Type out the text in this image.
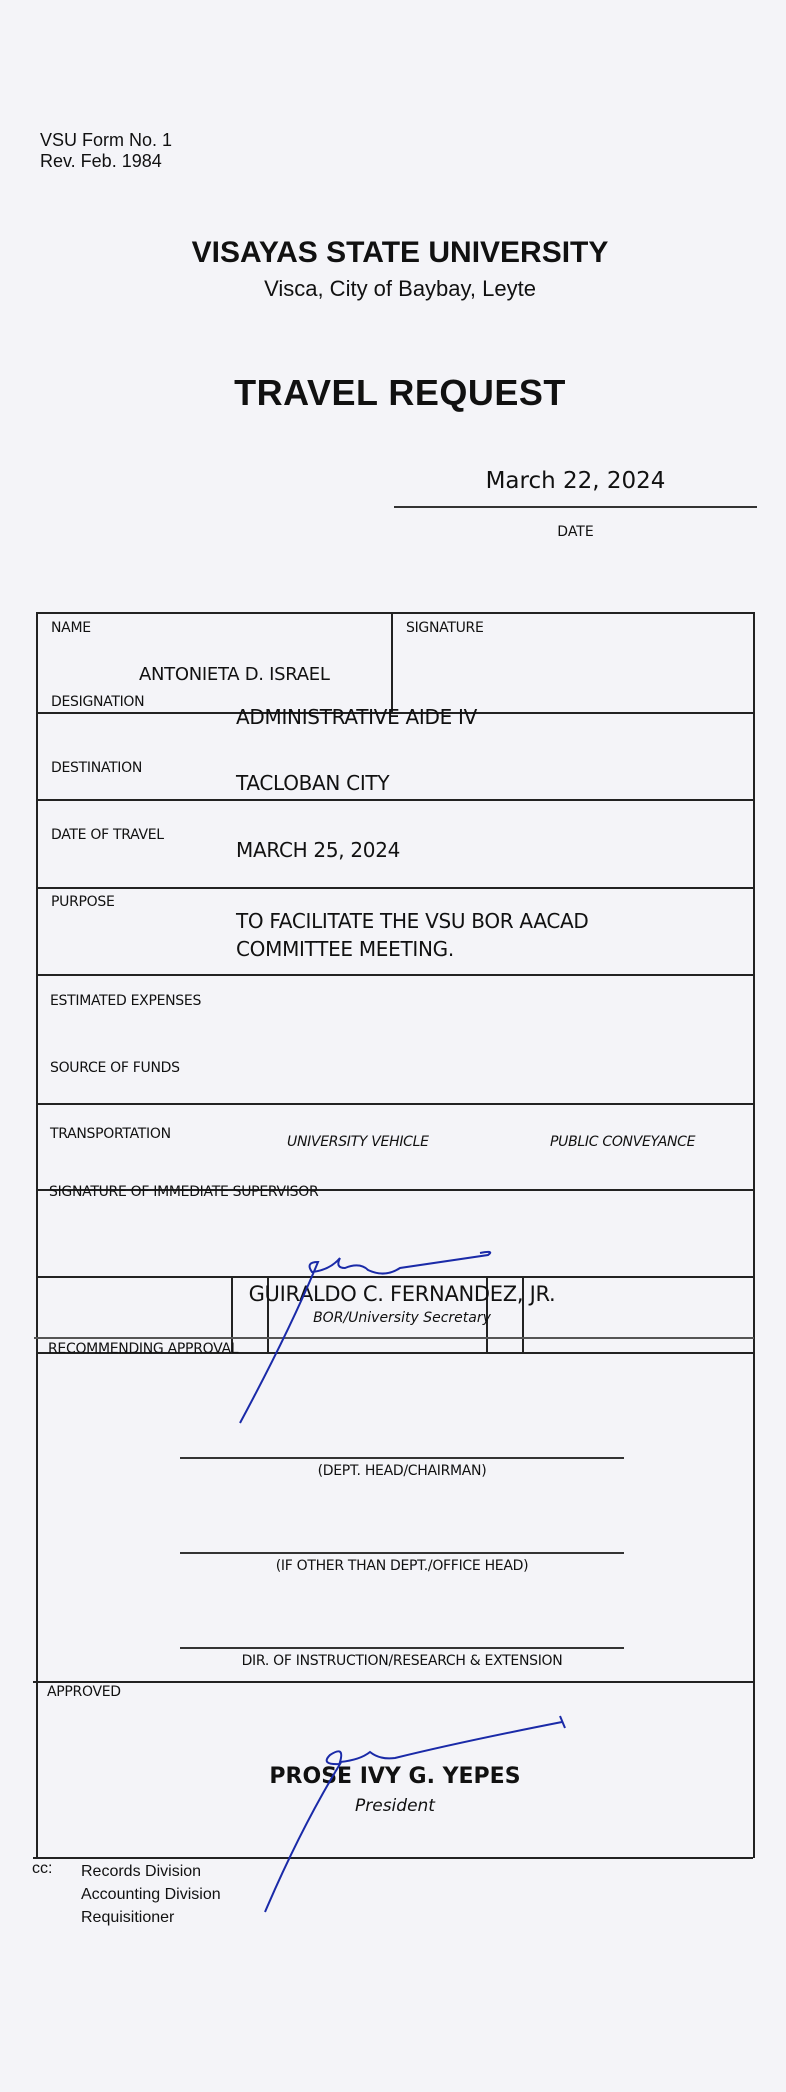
VSU Form No. 1
Rev. Feb. 1984
VISAYAS STATE UNIVERSITY
Visca, City of Baybay, Leyte
TRAVEL REQUEST
March 22, 2024
DATE
NAME
ANTONIETA D. ISRAEL
SIGNATURE
DESIGNATION
ADMINISTRATIVE AIDE IV
DESTINATION
TACLOBAN CITY
DATE OF TRAVEL
MARCH 25, 2024
PURPOSE
TO FACILITATE THE VSU BOR AACAD
COMMITTEE MEETING.
ESTIMATED EXPENSES
SOURCE OF FUNDS
TRANSPORTATION	UNIVERSITY VEHICLE	PUBLIC CONVEYANCE
SIGNATURE OF IMMEDIATE SUPERVISOR
GUIRALDO C. FERNANDEZ, JR.
BOR/University Secretary
RECOMMENDING APPROVAL
(DEPT. HEAD/CHAIRMAN)
(IF OTHER THAN DEPT./OFFICE HEAD)
DIR. OF INSTRUCTION/RESEARCH & EXTENSION
APPROVED
PROSE IVY G. YEPES
President
cc: Records Division
Accounting Division
Requisitioner
